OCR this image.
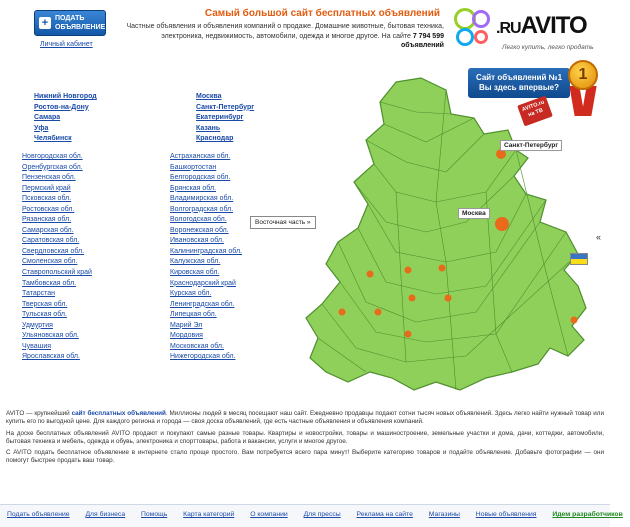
+ ПОДАТЬ ОБЪЯВЛЕНИЕ
Личный кабинет
Самый большой сайт бесплатных объявлений
Частные объявления и объявления компаний о продаже. Домашние животные, бытовая техника, электроника, недвижимость, автомобили, одежда и многое другое. На сайте 7 794 599 объявлений
.RUAVITO
Легко купить, легко продать
Сайт объявлений №1 Вы здесь впервые?
1
AVITO.ru на ТВ
Москва
Санкт-Петербург
Екатеринбург
Казань
Краснодар
Нижний Новгород
Ростов-на-Дону
Самара
Уфа
Челябинск
Астраханская обл.
Башкортостан
Белгородская обл.
Брянская обл.
Владимирская обл.
Волгоградская обл.
Вологодская обл.
Воронежская обл.
Ивановская обл.
Калининградская обл.
Калужская обл.
Кировская обл.
Краснодарский край
Курская обл.
Ленинградская обл.
Липецкая обл.
Марий Эл
Мордовия
Московская обл.
Нижегородская обл.
Новгородская обл.
Оренбургская обл.
Пензенская обл.
Пермский край
Псковская обл.
Ростовская обл.
Рязанская обл.
Самарская обл.
Саратовская обл.
Свердловская обл.
Смоленская обл.
Ставропольский край
Тамбовская обл.
Татарстан
Тверская обл.
Тульская обл.
Удмуртия
Ульяновская обл.
Чувашия
Ярославская обл.
Санкт-Петербург
Москва
Восточная часть »
«

AVITO — крупнейший сайт бесплатных объявлений. Миллионы людей в месяц посещают наш сайт. Ежедневно продавцы подают сотни тысяч новых объявлений. Здесь легко найти нужный товар или купить его по выгодной цене. Для каждого региона и города — своя доска объявлений, где есть частные объявления и объявления компаний.

На доске бесплатных объявлений AVITO продают и покупают самые разные товары. Квартиры и новостройки, товары и машиностроение, земельные участки и дома, дачи, коттеджи, автомобили, бытовая техника и мебель, одежда и обувь, электроника и спорттовары, работа и вакансии, услуги и многое другое.

С AVITO подать бесплатное объявление в интернете стало проще простого. Вам потребуется всего пара минут! Выберите категорию товаров и подайте объявление. Добавьте фотографии — они помогут быстрее продать ваш товар.

Подать объявление Для бизнеса Помощь Карта категорий О компании Для прессы Реклама на сайте Магазины Новые объявления Идем разработчиков
